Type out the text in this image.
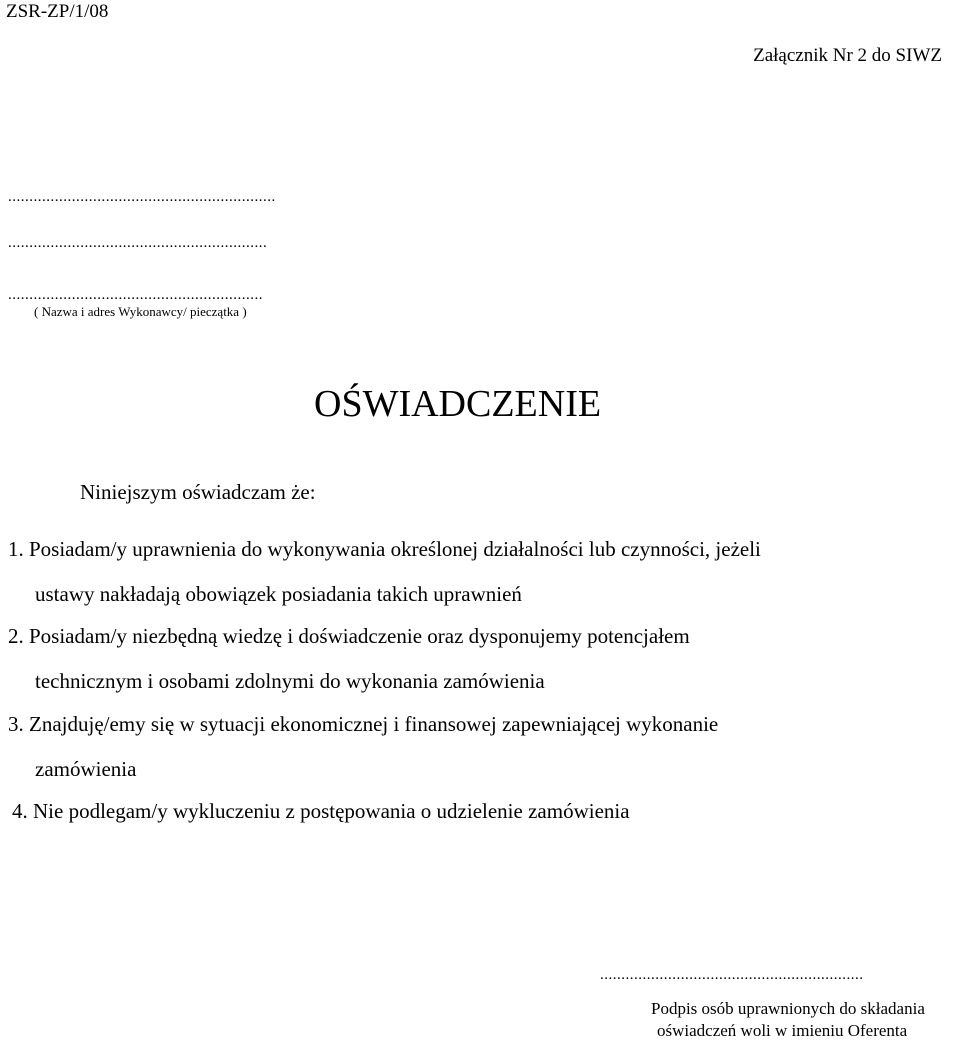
ZSR-ZP/1/08
Załącznik Nr 2 do SIWZ
...............................................................
.............................................................
............................................................
( Nazwa i adres Wykonawcy/ pieczątka )
OŚWIADCZENIE
Niniejszym oświadczam że:
1. Posiadam/y uprawnienia do wykonywania określonej działalności lub czynności, jeżeli
ustawy nakładają obowiązek posiadania takich uprawnień
2. Posiadam/y niezbędną wiedzę i doświadczenie oraz dysponujemy potencjałem
technicznym i osobami zdolnymi do wykonania zamówienia
3. Znajduję/emy się w sytuacji ekonomicznej i finansowej zapewniającej wykonanie
zamówienia
4. Nie podlegam/y wykluczeniu z postępowania o udzielenie zamówienia
..............................................................
Podpis osób uprawnionych do składania
oświadczeń woli w imieniu Oferenta
